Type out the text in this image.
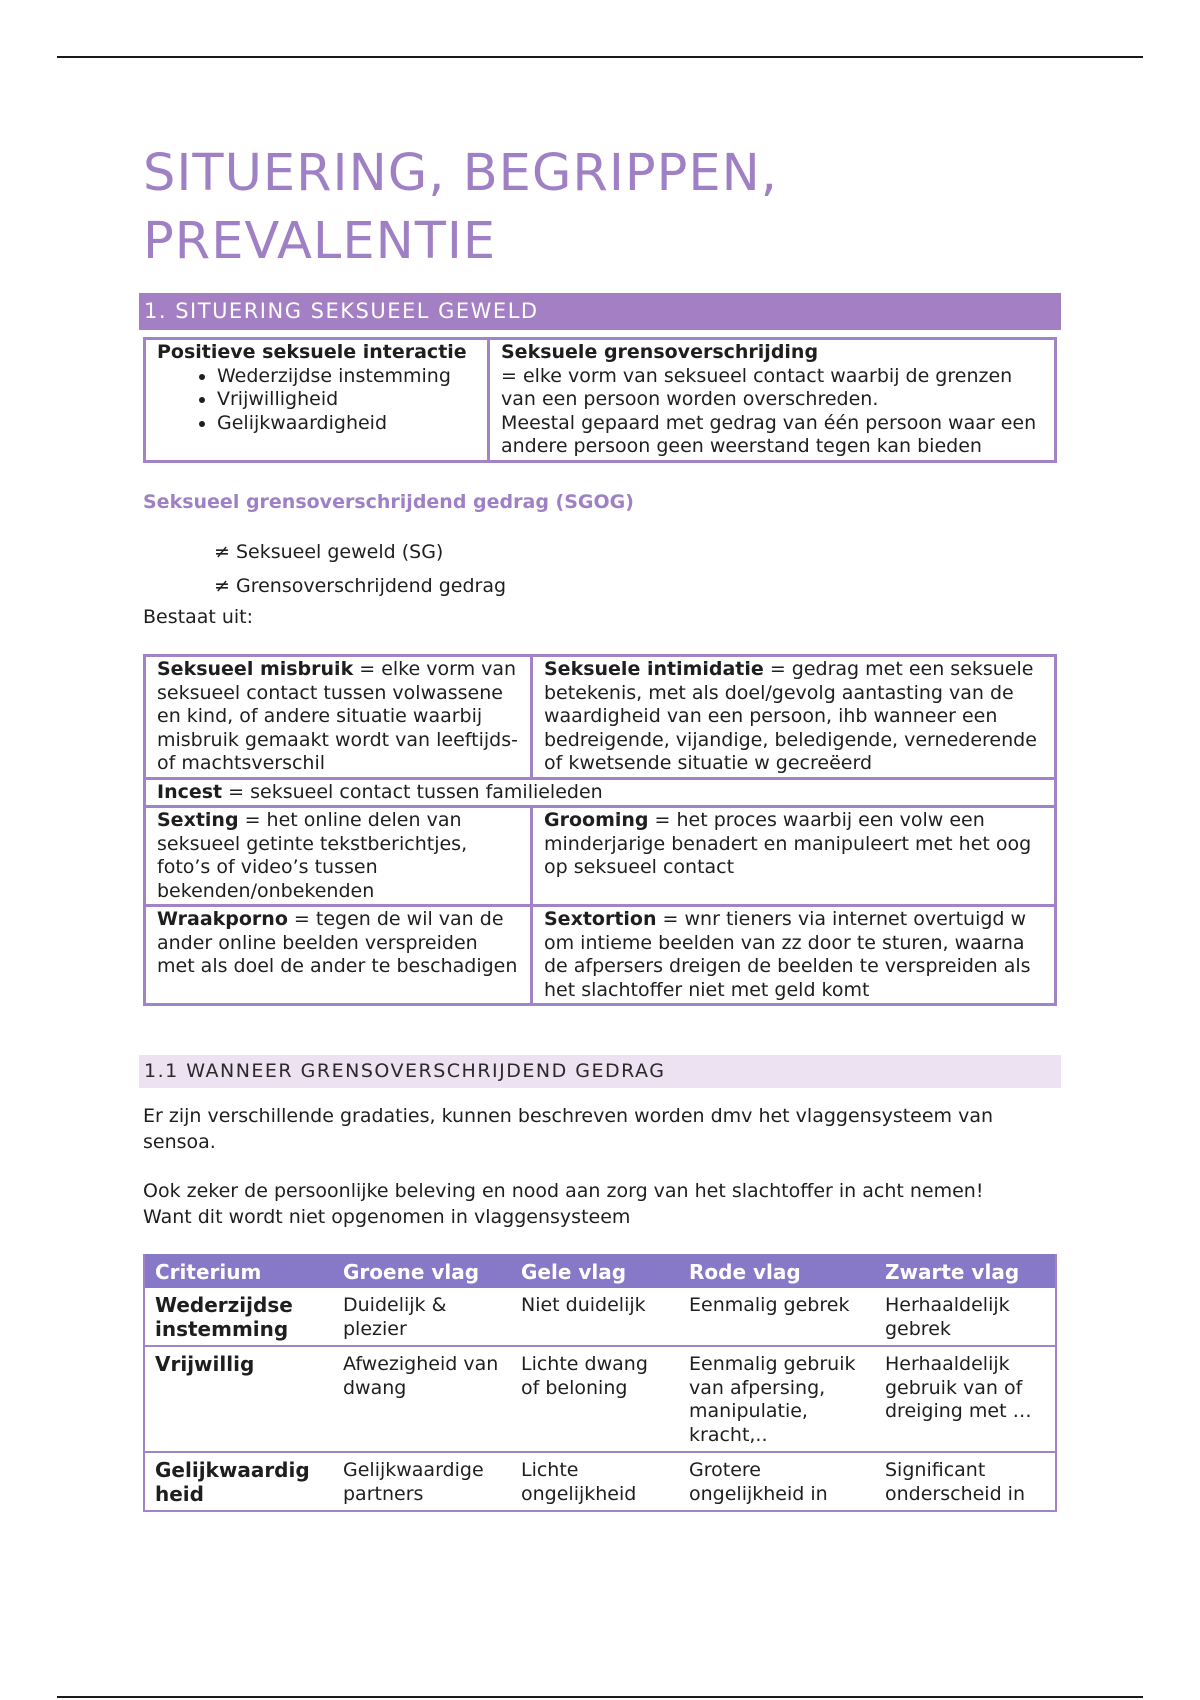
SITUERING, BEGRIPPEN,
PREVALENTIE
1. SITUERING SEKSUEEL GEWELD
Positieve seksuele interactie
• Wederzijdse instemming
• Vrijwilligheid
• Gelijkwaardigheid
	Seksuele grensoverschrijding
= elke vorm van seksueel contact waarbij de grenzen van een persoon worden overschreden.
Meestal gepaard met gedrag van één persoon waar een andere persoon geen weerstand tegen kan bieden
Seksueel grensoverschrijdend gedrag (SGOG)
≠ Seksueel geweld (SG)
≠ Grensoverschrijdend gedrag
Bestaat uit:
Seksueel misbruik = elke vorm van seksueel contact tussen volwassene en kind, of andere situatie waarbij misbruik gemaakt wordt van leeftijds- of machtsverschil	Seksuele intimidatie = gedrag met een seksuele betekenis, met als doel/gevolg aantasting van de waardigheid van een persoon, ihb wanneer een bedreigende, vijandige, beledigende, vernederende of kwetsende situatie w gecreëerd
Incest = seksueel contact tussen familieleden	
Sexting = het online delen van seksueel getinte tekstberichtjes, foto’s of video’s tussen bekenden/onbekenden	Grooming = het proces waarbij een volw een minderjarige benadert en manipuleert met het oog op seksueel contact
Wraakporno = tegen de wil van de ander online beelden verspreiden met als doel de ander te beschadigen	Sextortion = wnr tieners via internet overtuigd w om intieme beelden van zz door te sturen, waarna de afpersers dreigen de beelden te verspreiden als het slachtoffer niet met geld komt
1.1 WANNEER GRENSOVERSCHRIJDEND GEDRAG
Er zijn verschillende gradaties, kunnen beschreven worden dmv het vlaggensysteem van sensoa.
Ook zeker de persoonlijke beleving en nood aan zorg van het slachtoffer in acht nemen!
Want dit wordt niet opgenomen in vlaggensysteem
Criterium	Groene vlag	Gele vlag	Rode vlag	Zwarte vlag
Wederzijdse instemming	Duidelijk & plezier	Niet duidelijk	Eenmalig gebrek	Herhaaldelijk gebrek
Vrijwillig	Afwezigheid van dwang	Lichte dwang of beloning	Eenmalig gebruik van afpersing, manipulatie, kracht,..	Herhaaldelijk gebruik van of dreiging met …
Gelijkwaardig heid	Gelijkwaardige partners	Lichte ongelijkheid	Grotere ongelijkheid in	Significant onderscheid in
